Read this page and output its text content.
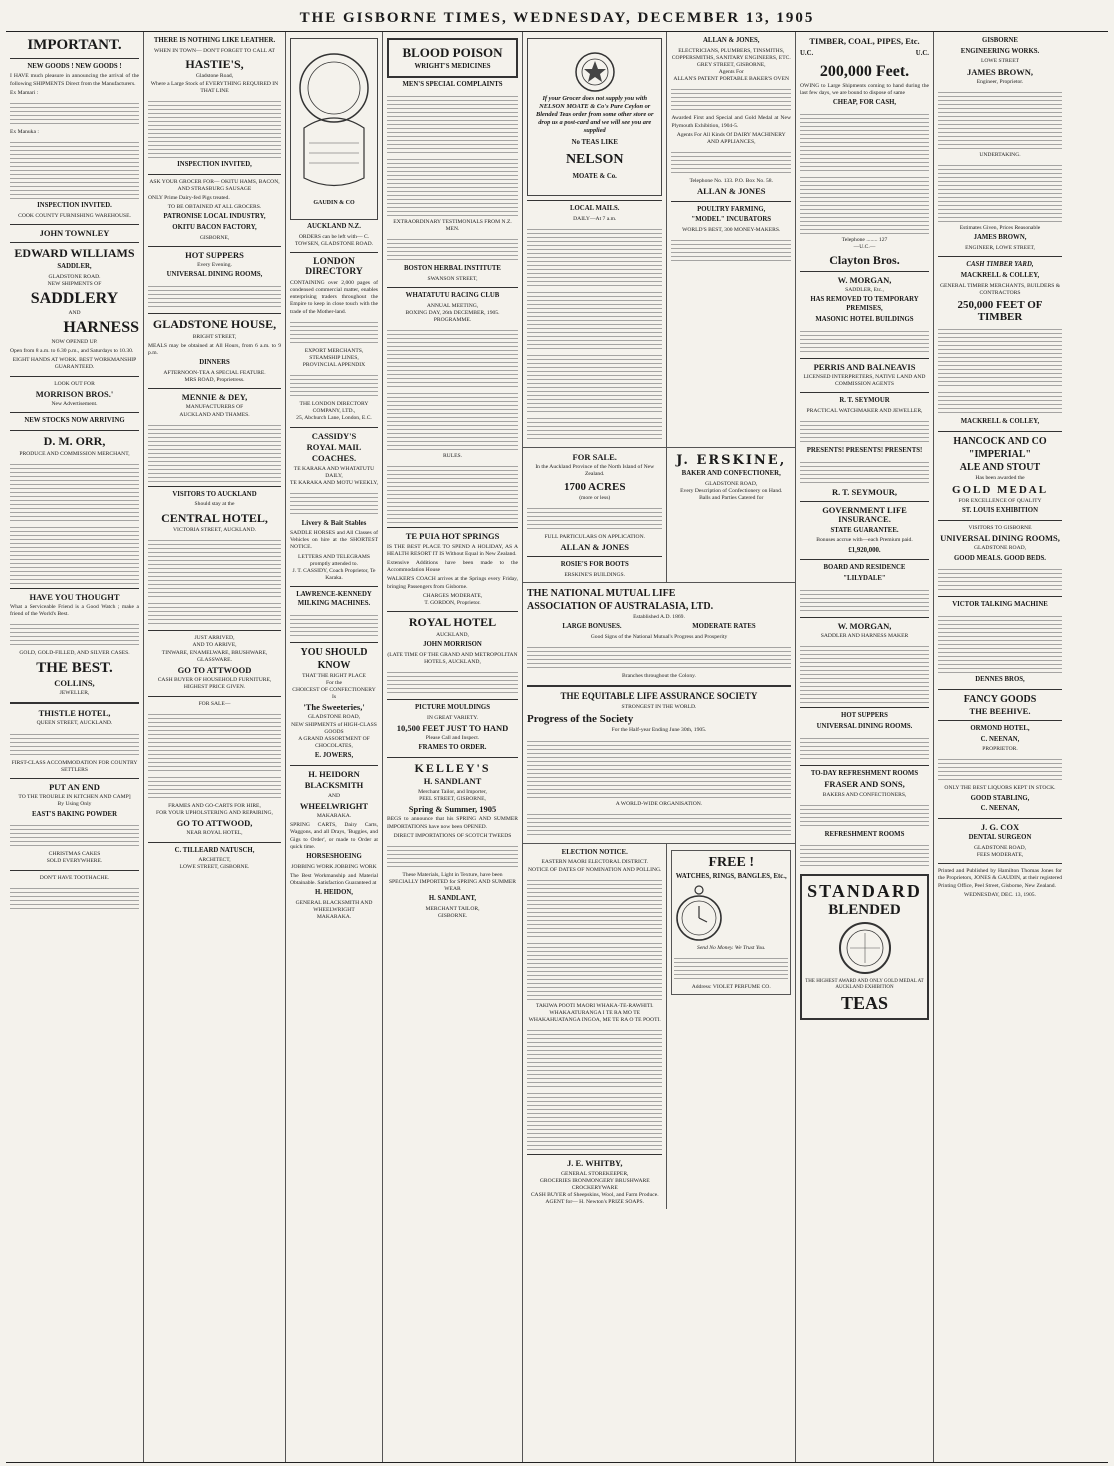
THE GISBORNE TIMES, WEDNESDAY, DECEMBER 13, 1905
IMPORTANT.
NEW GOODS ! NEW GOODS !
I HAVE much pleasure in announcing the arrival of the following SHIPMENTS Direct from the Manufacturers.
Ex Mamari :
Ex Manuka :
INSPECTION INVITED.
COOK COUNTY FURNISHING WAREHOUSE.
JOHN TOWNLEY
EDWARD WILLIAMS
SADDLER,
GLADSTONE ROAD.
NEW SHIPMENTS OF
SADDLERY
AND
HARNESS
NOW OPENED UP.
Open from 8 a.m. to 6.30 p.m., and Saturdays to 10.30.
EIGHT HANDS AT WORK. BEST WORKMANSHIP GUARANTEED.
LOOK OUT FOR
MORRISON BROS.'
New Advertisement.
NEW STOCKS NOW ARRIVING
D. M. ORR,
PRODUCE AND COMMISSION MERCHANT,
HAVE YOU THOUGHT
What a Serviceable Friend is a Good Watch ; make a friend of the World's Best.
GOLD, GOLD-FILLED, AND SILVER CASES.
THE BEST.
COLLINS,
JEWELLER,
THISTLE HOTEL,
QUEEN STREET, AUCKLAND.
FIRST-CLASS ACCOMMODATION FOR COUNTRY SETTLERS
PUT AN END
TO THE TROUBLE IN KITCHEN AND CAMP]
By Using Only
EAST'S BAKING POWDER
CHRISTMAS CAKES
SOLD EVERYWHERE.
DON'T HAVE TOOTHACHE.
THERE IS NOTHING LIKE LEATHER.
WHEN IN TOWN— DON'T FORGET TO CALL AT
HASTIE'S,
Gladstone Road,
Where a Large Stock of EVERYTHING REQUIRED IN THAT LINE
INSPECTION INVITED,
ASK YOUR GROCER FOR— OKITU HAMS, BACON, AND STRASBURG SAUSAGE
ONLY Prime Dairy-fed Pigs treated.
TO BE OBTAINED AT ALL GROCERS.
PATRONISE LOCAL INDUSTRY,
OKITU BACON FACTORY,
GISBORNE,
HOT SUPPERS
Every Evening.
UNIVERSAL DINING ROOMS,
GLADSTONE HOUSE,
BRIGHT STREET,
MEALS may be obtained at All Hours, from 6 a.m. to 9 p.m.
DINNERS
AFTERNOON-TEA A SPECIAL FEATURE.
MRS ROAD, Proprietress.
MENNIE & DEY,
MANUFACTURERS OF
AUCKLAND AND THAMES.
VISITORS TO AUCKLAND
Should stay at the
CENTRAL HOTEL,
VICTORIA STREET, AUCKLAND.
JUST ARRIVED,
AND TO ARRIVE,
TINWARE, ENAMELWARE, BRUSHWARE, GLASSWARE.
GO TO ATTWOOD
CASH BUYER OF HOUSEHOLD FURNITURE,
HIGHEST PRICE GIVEN.
FOR SALE—
FRAMES AND GO-CARTS FOR HIRE,
FOR YOUR UPHOLSTERING AND REPAIRING,
GO TO ATTWOOD,
NEAR ROYAL HOTEL,
C. TILLEARD NATUSCH,
ARCHITECT,
LOWE STREET, GISBORNE.
GAUDIN & CO
AUCKLAND N.Z.
ORDERS can be left with— C. TOWSEN, GLADSTONE ROAD.
LONDON DIRECTORY
CONTAINING over 2,000 pages of condensed commercial matter, enables enterprising traders throughout the Empire to keep in close touch with the trade of the Mother-land.
EXPORT MERCHANTS,
STEAMSHIP LINES,
PROVINCIAL APPENDIX
THE LONDON DIRECTORY COMPANY, LTD.,
25, Abchurch Lane, London, E.C.
CASSIDY'S
ROYAL MAIL
COACHES.
TE KARAKA AND WHATATUTU DAILY,
TE KARAKA AND MOTU WEEKLY,
Livery & Bait Stables
SADDLE HORSES and All Classes of Vehicles on hire at the SHORTEST NOTICE.
LETTERS AND TELEGRAMS promptly attended to.
J. T. CASSIDY, Coach Proprietor, Te Karaka.
LAWRENCE-KENNEDY MILKING MACHINES.
YOU SHOULD
KNOW
THAT THE RIGHT PLACE
For the
CHOICEST OF CONFECTIONERY
Is
'The Sweeteries,'
GLADSTONE ROAD,
NEW SHIPMENTS of HIGH-CLASS GOODS
A GRAND ASSORTMENT OF CHOCOLATES,
E. JOWERS,
H. HEIDORN
BLACKSMITH
AND
WHEELWRIGHT
MAKARAKA.
SPRING CARTS, Dairy Carts, Waggons, and all Drays, 'Buggies, and Gigs to Order', or made to Order at quick time.
HORSESHOEING
JOBBING WORK JOBBING WORK
The Best Workmanship and Material Obtainable. Satisfaction Guaranteed at
H. HEIDON,
GENERAL BLACKSMITH AND WHEELWRIGHT
MAKARAKA.
BLOOD POISON
WRIGHT'S MEDICINES
MEN'S SPECIAL COMPLAINTS
EXTRAORDINARY TESTIMONIALS FROM N.Z. MEN.
BOSTON HERBAL INSTITUTE
SWANSON STREET,
WHATATUTU RACING CLUB
ANNUAL MEETING,
BOXING DAY, 26th DECEMBER, 1905.
PROGRAMME.
RULES.
TE PUIA HOT SPRINGS
IS THE BEST PLACE TO SPEND A HOLIDAY, AS A HEALTH RESORT IT IS Without Equal in New Zealand.
Extensive Additions have been made to the Accommodation House
WALKER'S COACH arrives at the Springs every Friday, bringing Passengers from Gisborne.
CHARGES MODERATE,
T. GORDON, Proprietor.
ROYAL HOTEL
AUCKLAND,
JOHN MORRISON
(LATE TIME OF THE GRAND AND METROPOLITAN HOTELS, AUCKLAND,
PICTURE MOULDINGS
IN GREAT VARIETY.
10,500 FEET JUST TO HAND
Please Call and Inspect.
FRAMES TO ORDER.
KELLEY'S
H. SANDLANT
Merchant Tailor, and Importer,
PEEL STREET, GISBORNE,
Spring & Summer, 1905
BEGS to announce that his SPRING AND SUMMER IMPORTATIONS have now been OPENED.
DIRECT IMPORTATIONS OF SCOTCH TWEEDS
These Materials, Light in Texture, have been
SPECIALLY IMPORTED for SPRING AND SUMMER WEAR
H. SANDLANT,
MERCHANT TAILOR,
GISBORNE.
If your Grocer does not supply you with NELSON MOATE & Co's Pure Ceylon or Blended Teas order from some other store or drop us a post-card and we will see you are supplied
No TEAS LIKE
NELSON
MOATE & Co.
LOCAL MAILS.
DAILY—At 7 a.m.
ALLAN & JONES,
ELECTRICIANS, PLUMBERS, TINSMITHS, COPPERSMITHS, SANITARY ENGINEERS, ETC.
GREY STREET, GISBORNE,
Agents For
ALLAN'S PATENT PORTABLE BAKER'S OVEN
Awarded First and Special and Gold Medal at New Plymouth Exhibition, 1904-5.
Agents For All Kinds Of DAIRY MACHINERY AND APPLIANCES,
Telephone No. 133. P.O. Box No. 58.
ALLAN & JONES
POULTRY FARMING,
"MODEL" INCUBATORS
WORLD'S BEST, 300 MONEY-MAKERS.
FOR SALE.
In the Auckland Province of the North Island of New Zealand.
1700 ACRES
(more or less)
FULL PARTICULARS ON APPLICATION.
ALLAN & JONES
ROSIE'S FOR BOOTS
ERSKINE'S BUILDINGS.
J. ERSKINE,
BAKER AND CONFECTIONER,
GLADSTONE ROAD,
Every Description of Confectionery on Hand.
Balls and Parties Catered for
THE NATIONAL MUTUAL LIFE
ASSOCIATION OF AUSTRALASIA, LTD.
Established A.D. 1869.
LARGE BONUSES.	MODERATE RATES
Good Signs of the National Mutual's Progress and Prosperity
Branches throughout the Colony.
THE EQUITABLE LIFE ASSURANCE SOCIETY
STRONGEST IN THE WORLD.
Progress of the Society
For the Half-year Ending June 30th, 1905.
A WORLD-WIDE ORGANISATION.
ELECTION NOTICE.
EASTERN MAORI ELECTORAL DISTRICT.
NOTICE OF DATES OF NOMINATION AND POLLING.
TAKIWA POOTI MAORI WHAKA-TE-RAWHITI.
WHAKAATURANGA I TE RA MO TE WHAKAHUATANGA INGOA, ME TE RA O TE POOTI.
J. E. WHITBY,
GENERAL STOREKEEPER,
GROCERIES IRONMONGERY BRUSHWARE CROCKERYWARE
CASH BUYER of Sheepskins, Wool, and Farm Produce.
AGENT for— H. Newton's PRIZE SOAPS.
FREE !
WATCHES, RINGS, BANGLES, Etc.,
Send No Money. We Trust You.
Address: VIOLET PERFUME CO.
TIMBER, COAL, PIPES, Etc.
U.C.	U.C.
200,000 Feet.
OWING to Large Shipments coming to hand during the last few days, we are bound to dispose of same
CHEAP, FOR CASH,
Telephone ........ 127
—U.C.—
Clayton Bros.
W. MORGAN,
SADDLER, Etc.,
HAS REMOVED TO TEMPORARY PREMISES,
MASONIC HOTEL BUILDINGS
PERRIS AND BALNEAVIS
LICENSED INTERPRETERS, NATIVE LAND AND COMMISSION AGENTS
R. T. SEYMOUR
PRACTICAL WATCHMAKER AND JEWELLER,
PRESENTS! PRESENTS! PRESENTS!
R. T. SEYMOUR,
GOVERNMENT LIFE INSURANCE.
STATE GUARANTEE.
Bonuses accrue with—each Premium paid.
£1,920,000.
BOARD AND RESIDENCE
"LILYDALE"
W. MORGAN,
SADDLER AND HARNESS MAKER
HOT SUPPERS
UNIVERSAL DINING ROOMS.
TO-DAY REFRESHMENT ROOMS
FRASER AND SONS,
BAKERS AND CONFECTIONERS,
REFRESHMENT ROOMS
STANDARD
BLENDED
THE HIGHEST AWARD AND ONLY GOLD MEDAL AT AUCKLAND EXHIBITION
TEAS
GISBORNE
ENGINEERING WORKS.
LOWE STREET
JAMES BROWN,
Engineer, Proprietor.
UNDERTAKING.
Estimates Given, Prices Reasonable
JAMES BROWN,
ENGINEER, LOWE STREET,
CASH TIMBER YARD,
MACKRELL & COLLEY,
GENERAL TIMBER MERCHANTS, BUILDERS & CONTRACTORS
250,000 FEET OF TIMBER
MACKRELL & COLLEY,
HANCOCK AND CO
"IMPERIAL"
ALE AND STOUT
Has been awarded the
GOLD MEDAL
FOR EXCELLENCE OF QUALITY
ST. LOUIS EXHIBITION
VISITORS TO GISBORNE
UNIVERSAL DINING ROOMS,
GLADSTONE ROAD,
GOOD MEALS. GOOD BEDS.
VICTOR TALKING MACHINE
DENNES BROS,
FANCY GOODS
THE BEEHIVE.
ORMOND HOTEL,
C. NEENAN,
PROPRIETOR.
ONLY THE BEST LIQUORS KEPT IN STOCK.
GOOD STABLING,
C. NEENAN,
J. G. COX
DENTAL SURGEON
GLADSTONE ROAD,
FEES MODERATE,
Printed and Published by Hamilton Thomas Jones for the Proprietors, JONES & GAUDIN, at their registered Printing Office, Peel Street, Gisborne, New Zealand.
WEDNESDAY, DEC. 13, 1905.
